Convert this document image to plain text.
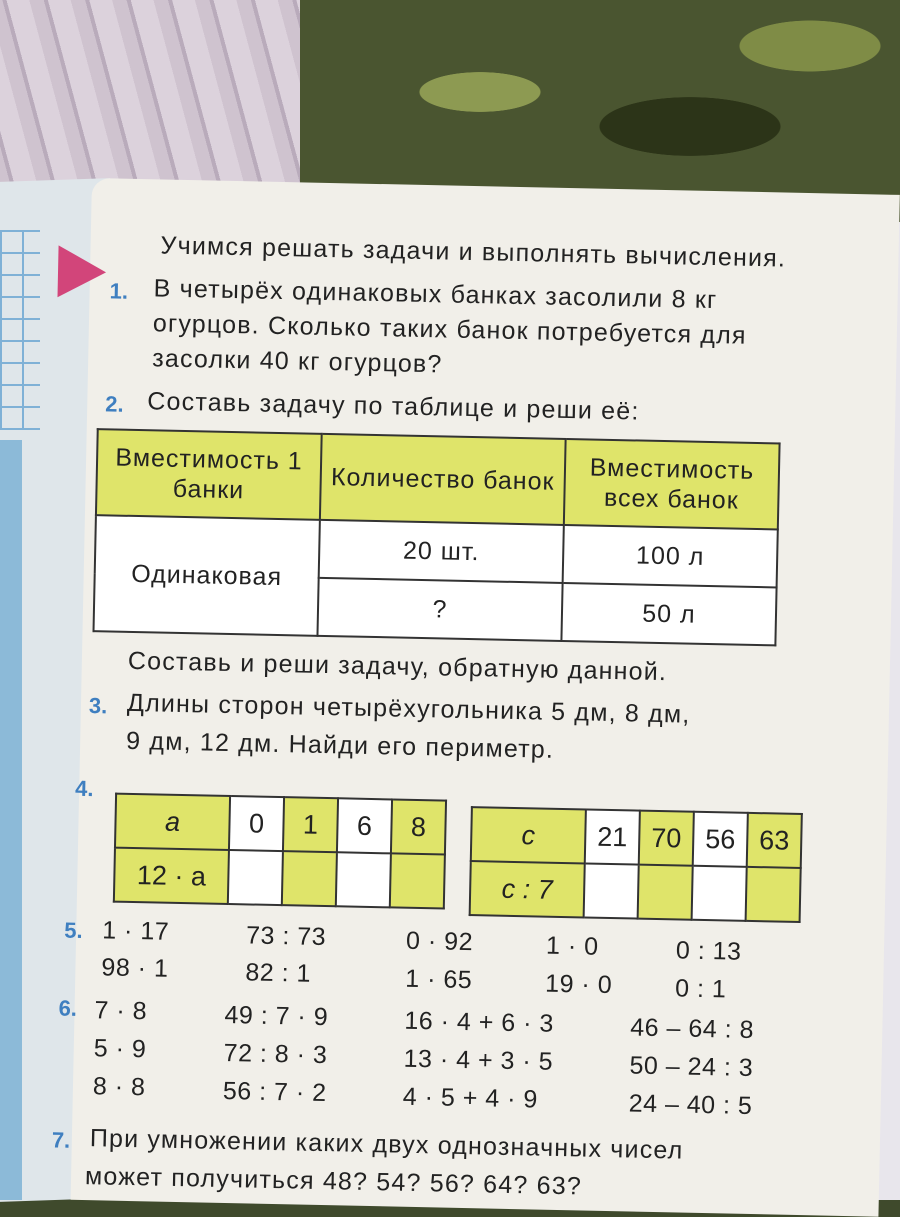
Учимся решать задачи и выполнять вычисления.
1. В четырёх одинаковых банках засолили 8 кг
огурцов. Сколько таких банок потребуется для
засолки 40 кг огурцов?
2. Составь задачу по таблице и реши её:
Вместимость 1 банки	Количество банок	Вместимость всех банок
Одинаковая	20 шт.	100 л
	?	50 л
Составь и реши задачу, обратную данной.
3. Длины сторон четырёхугольника 5 дм, 8 дм,
9 дм, 12 дм. Найди его периметр.
4.
a	0	1	6	8
12 · a				
c	21	70	56	63
c : 7				
5. 1 · 17
98 · 1
73 : 73
82 : 1
0 · 92
1 · 65
1 · 0
19 · 0
0 : 13
0 : 1
6. 7 · 8
5 · 9
8 · 8
49 : 7 · 9
72 : 8 · 3
56 : 7 · 2
16 · 4 + 6 · 3
13 · 4 + 3 · 5
4 · 5 + 4 · 9
46 – 64 : 8
50 – 24 : 3
24 – 40 : 5
7. При умножении каких двух однозначных чисел
может получиться 48? 54? 56? 64? 63?
